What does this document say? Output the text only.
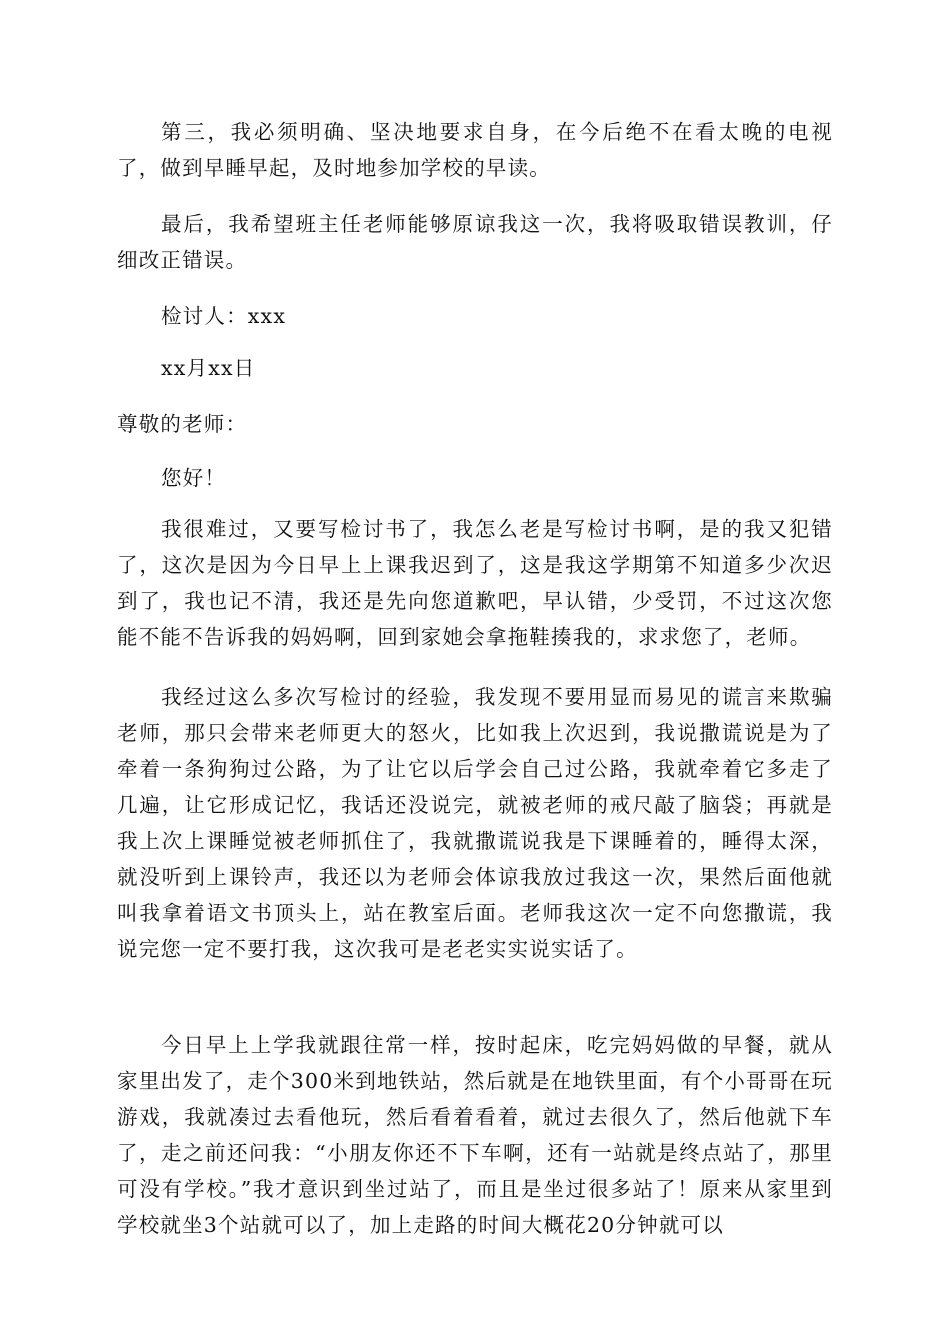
第三，我必须明确、坚决地要求自身，在今后绝不在看太晚的电视了，做到早睡早起，及时地参加学校的早读。

最后，我希望班主任老师能够原谅我这一次，我将吸取错误教训，仔细改正错误。

检讨人：xxx

xx月xx日

尊敬的老师：

您好！

我很难过，又要写检讨书了，我怎么老是写检讨书啊，是的我又犯错了，这次是因为今日早上上课我迟到了，这是我这学期第不知道多少次迟到了，我也记不清，我还是先向您道歉吧，早认错，少受罚，不过这次您能不能不告诉我的妈妈啊，回到家她会拿拖鞋揍我的，求求您了，老师。

我经过这么多次写检讨的经验，我发现不要用显而易见的谎言来欺骗老师，那只会带来老师更大的怒火，比如我上次迟到，我说撒谎说是为了牵着一条狗狗过公路，为了让它以后学会自己过公路，我就牵着它多走了几遍，让它形成记忆，我话还没说完，就被老师的戒尺敲了脑袋；再就是我上次上课睡觉被老师抓住了，我就撒谎说我是下课睡着的，睡得太深，就没听到上课铃声，我还以为老师会体谅我放过我这一次，果然后面他就叫我拿着语文书顶头上，站在教室后面。老师我这次一定不向您撒谎，我说完您一定不要打我，这次我可是老老实实说实话了。

今日早上上学我就跟往常一样，按时起床，吃完妈妈做的早餐，就从家里出发了，走个300米到地铁站，然后就是在地铁里面，有个小哥哥在玩游戏，我就凑过去看他玩，然后看着看着，就过去很久了，然后他就下车了，走之前还问我：“小朋友你还不下车啊，还有一站就是终点站了，那里可没有学校。”我才意识到坐过站了，而且是坐过很多站了！原来从家里到学校就坐3个站就可以了，加上走路的时间大概花20分钟就可以
